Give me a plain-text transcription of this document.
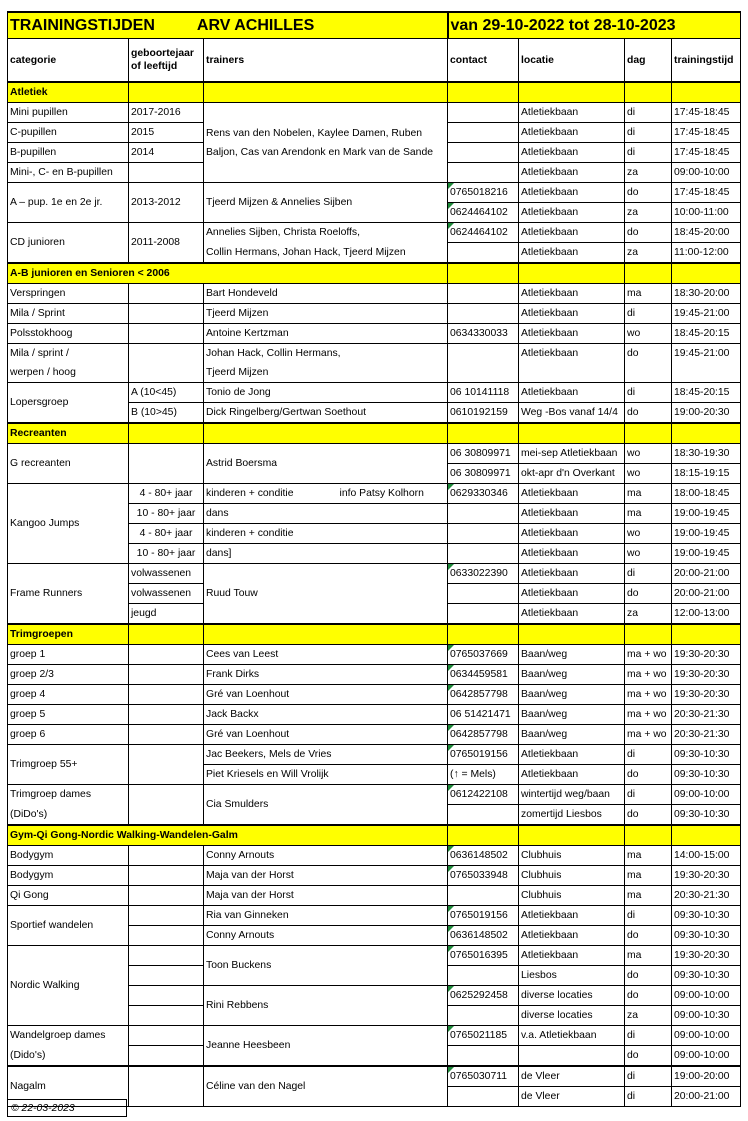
TRAININGSTIJDEN ARV ACHILLES			van 29-10-2022 tot 28-10-2023			
categorie	geboortejaar of leeftijd	trainers	contact	locatie	dag	trainingstijd
Atletiek						
Mini pupillen	2017-2016	Rens van den Nobelen, Kaylee Damen, Ruben Baljon, Cas van Arendonk en Mark van de Sande		Atletiekbaan	di	17:45-18:45
C-pupillen	2015			Atletiekbaan	di	17:45-18:45
B-pupillen	2014			Atletiekbaan	di	17:45-18:45
Mini-, C- en B-pupillen				Atletiekbaan	za	09:00-10:00
A – pup. 1e en 2e jr.	2013-2012	Tjeerd Mijzen & Annelies Sijben	0765018216	Atletiekbaan	do	17:45-18:45
			0624464102	Atletiekbaan	za	10:00-11:00
CD junioren	2011-2008	Annelies Sijben, Christa Roeloffs,	0624464102	Atletiekbaan	do	18:45-20:00
		Collin Hermans, Johan Hack, Tjeerd Mijzen		Atletiekbaan	za	11:00-12:00
A-B junioren en Senioren < 2006						
Verspringen		Bart Hondeveld		Atletiekbaan	ma	18:30-20:00
Mila / Sprint		Tjeerd Mijzen		Atletiekbaan	di	19:45-21:00
Polsstokhoog		Antoine Kertzman	0634330033	Atletiekbaan	wo	18:45-20:15
Mila / sprint /		Johan Hack, Collin Hermans,		Atletiekbaan	do	19:45-21:00
werpen / hoog		Tjeerd Mijzen				
Lopersgroep	A (10<45)	Tonio de Jong	06 10141118	Atletiekbaan	di	18:45-20:15
	B (10>45)	Dick Ringelberg/Gertwan Soethout	0610192159	Weg -Bos vanaf 14/4	do	19:00-20:30
Recreanten						
G recreanten		Astrid Boersma	06 30809971	mei-sep Atletiekbaan	wo	18:30-19:30
			06 30809971	okt-apr d'n Overkant	wo	18:15-19:15
Kangoo Jumps	4 - 80+ jaar	kinderen + conditie info Patsy Kolhorn	0629330346	Atletiekbaan	ma	18:00-18:45
	10 - 80+ jaar	dans		Atletiekbaan	ma	19:00-19:45
	4 - 80+ jaar	kinderen + conditie		Atletiekbaan	wo	19:00-19:45
	10 - 80+ jaar	dans]		Atletiekbaan	wo	19:00-19:45
Frame Runners	volwassenen	Ruud Touw	0633022390	Atletiekbaan	di	20:00-21:00
	volwassenen			Atletiekbaan	do	20:00-21:00
	jeugd			Atletiekbaan	za	12:00-13:00
Trimgroepen						
groep 1		Cees van Leest	0765037669	Baan/weg	ma + wo	19:30-20:30
groep 2/3		Frank Dirks	0634459581	Baan/weg	ma + wo	19:30-20:30
groep 4		Gré van Loenhout	0642857798	Baan/weg	ma + wo	19:30-20:30
groep 5		Jack Backx	06 51421471	Baan/weg	ma + wo	20:30-21:30
groep 6		Gré van Loenhout	0642857798	Baan/weg	ma + wo	20:30-21:30
Trimgroep 55+		Jac Beekers, Mels de Vries	0765019156	Atletiekbaan	di	09:30-10:30
		Piet Kriesels en Will Vrolijk	(↑ = Mels)	Atletiekbaan	do	09:30-10:30
Trimgroep dames		Cia Smulders	0612422108	wintertijd weg/baan	di	09:00-10:00
(DiDo's)				zomertijd Liesbos	do	09:30-10:30
Gym-Qi Gong-Nordic Walking-Wandelen-Galm						
Bodygym		Conny Arnouts	0636148502	Clubhuis	ma	14:00-15:00
Bodygym		Maja van der Horst	0765033948	Clubhuis	ma	19:30-20:30
Qi Gong		Maja van der Horst		Clubhuis	ma	20:30-21:30
Sportief wandelen		Ria van Ginneken	0765019156	Atletiekbaan	di	09:30-10:30
		Conny Arnouts	0636148502	Atletiekbaan	do	09:30-10:30
Nordic Walking		Toon Buckens	0765016395	Atletiekbaan	ma	19:30-20:30
				Liesbos	do	09:30-10:30
		Rini Rebbens	0625292458	diverse locaties	do	09:00-10:00
				diverse locaties	za	09:00-10:30
Wandelgroep dames		Jeanne Heesbeen	0765021185	v.a. Atletiekbaan	di	09:00-10:00
(Dido's)					do	09:00-10:00
Nagalm		Céline van den Nagel	0765030711	de Vleer	di	19:00-20:00
				de Vleer	di	20:00-21:00
© 22-03-2023
